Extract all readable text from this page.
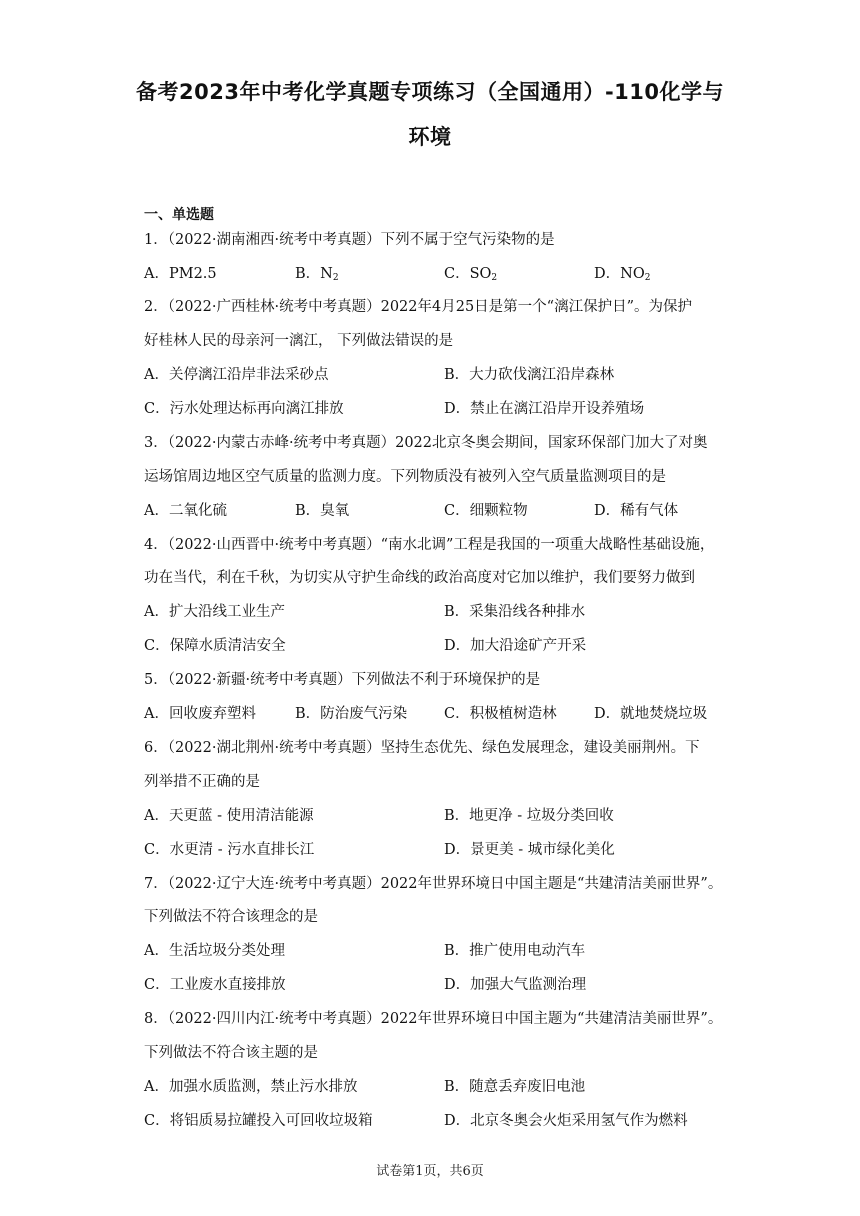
备考2023年中考化学真题专项练习（全国通用）-110化学与
环境
一、单选题
1．（2022·湖南湘西·统考中考真题）下列不属于空气污染物的是
A．PM2.5	B．$N_2$	C．$SO_2$	D．$NO_2$
2．（2022·广西桂林·统考中考真题）2022年4月25日是第一个“漓江保护日”。为保护
好桂林人民的母亲河一漓江， 下列做法错误的是
A．关停漓江沿岸非法采砂点	B．大力砍伐漓江沿岸森林
C．污水处理达标再向漓江排放	D．禁止在漓江沿岸开设养殖场
3．（2022·内蒙古赤峰·统考中考真题）2022北京冬奥会期间，国家环保部门加大了对奥
运场馆周边地区空气质量的监测力度。下列物质没有被列入空气质量监测项目的是
A．二氧化硫	B．臭氧	C．细颗粒物	D．稀有气体
4．（2022·山西晋中·统考中考真题）“南水北调”工程是我国的一项重大战略性基础设施，
功在当代，利在千秋，为切实从守护生命线的政治高度对它加以维护，我们要努力做到
A．扩大沿线工业生产	B．采集沿线各种排水
C．保障水质清洁安全	D．加大沿途矿产开采
5．（2022·新疆·统考中考真题）下列做法不利于环境保护的是
A．回收废弃塑料	B．防治废气污染	C．积极植树造林	D．就地焚烧垃圾
6．（2022·湖北荆州·统考中考真题）坚持生态优先、绿色发展理念，建设美丽荆州。下
列举措不正确的是
A．天更蓝 - 使用清洁能源	B．地更净 - 垃圾分类回收
C．水更清 - 污水直排长江	D．景更美 - 城市绿化美化
7．（2022·辽宁大连·统考中考真题）2022年世界环境日中国主题是“共建清洁美丽世界”。
下列做法不符合该理念的是
A．生活垃圾分类处理	B．推广使用电动汽车
C．工业废水直接排放	D．加强大气监测治理
8．（2022·四川内江·统考中考真题）2022年世界环境日中国主题为“共建清洁美丽世界”。
下列做法不符合该主题的是
A．加强水质监测，禁止污水排放	B．随意丢弃废旧电池
C．将铝质易拉罐投入可回收垃圾箱	D．北京冬奥会火炬采用氢气作为燃料
试卷第1页，共6页
